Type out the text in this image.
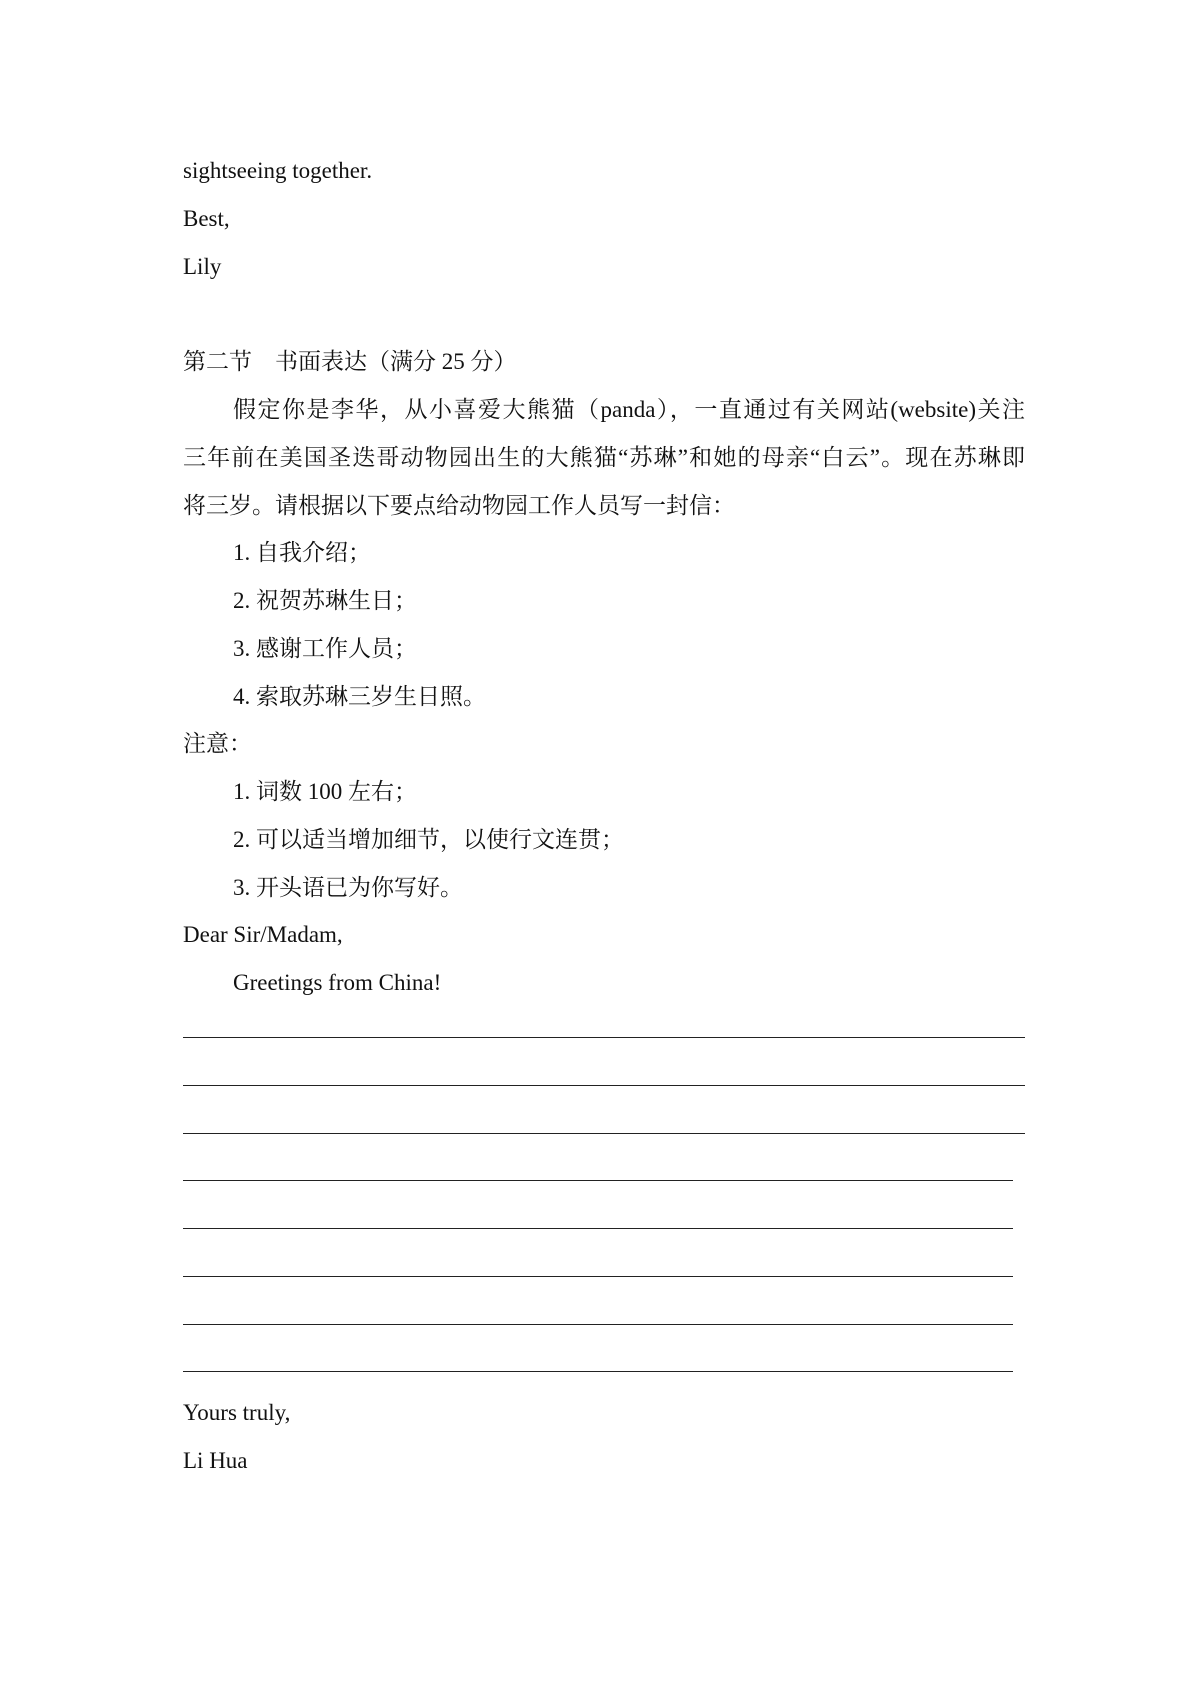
sightseeing together.
Best,
Lily
第二节　书面表达（满分 25 分）
假定你是李华，从小喜爱大熊猫（panda），一直通过有关网站(website)关注
三年前在美国圣迭哥动物园出生的大熊猫“苏琳”和她的母亲“白云”。现在苏琳即
将三岁。请根据以下要点给动物园工作人员写一封信：
1. 自我介绍；
2. 祝贺苏琳生日；
3. 感谢工作人员；
4. 索取苏琳三岁生日照。
注意：
1. 词数 100 左右；
2. 可以适当增加细节，以使行文连贯；
3. 开头语已为你写好。
Dear Sir/Madam,
Greetings from China!
Yours truly,
Li Hua
